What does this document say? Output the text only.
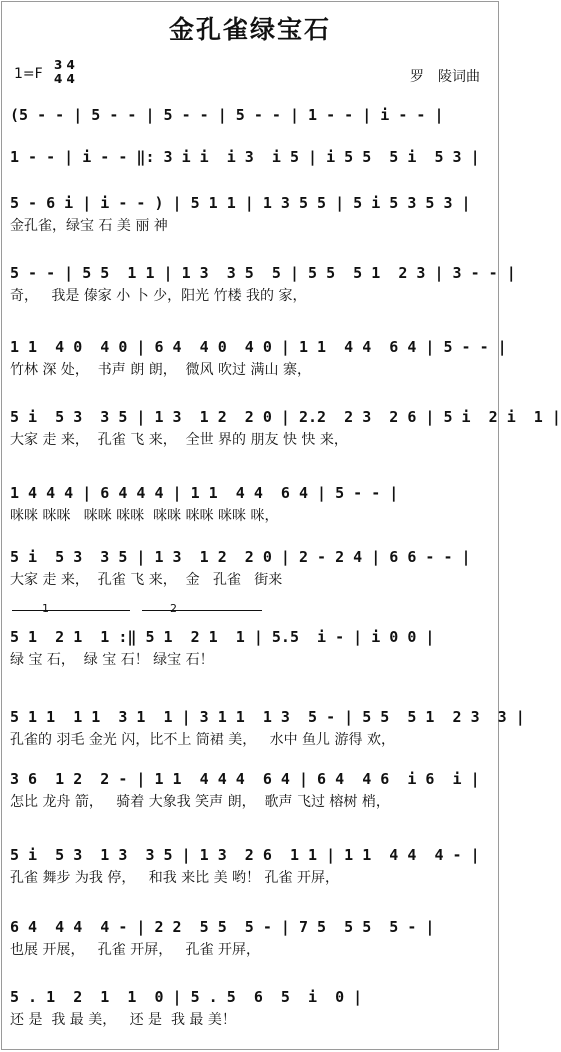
金孔雀绿宝石
1=F
3 4
4 4	罗　陵词曲
1	2
(5 - - | 5 - - | 5 - - | 5 - - | 1 - - | i - - |
1 - - | i - - ‖: 3 i i  i 3  i 5 | i 5 5  5 i  5 3 |
5 - 6 i | i - - ) | 5 1 1 | 1 3 5 5 | 5 i 5 3 5 3 |
金孔雀，绿宝 石 美 丽 神
5 - - | 5 5  1 1 | 1 3  3 5  5 | 5 5  5 1  2 3 | 3 - - |
奇，   我是 傣家 小 卜 少，阳光 竹楼 我的 家，
1 1  4 0  4 0 | 6 4  4 0  4 0 | 1 1  4 4  6 4 | 5 - - |
竹林 深 处，  书声 朗 朗，  微风 吹过 满山 寨，
5 i  5 3  3 5 | 1 3  1 2  2 0 | 2.2  2 3  2 6 | 5 i  2 i  1 |
大家 走 来，  孔雀 飞 来，  全世 界的 朋友 快 快 来，
1 4 4 4 | 6 4 4 4 | 1 1  4 4  6 4 | 5 - - |
咪咪 咪咪   咪咪 咪咪  咪咪 咪咪 咪咪 咪，
5 i  5 3  3 5 | 1 3  1 2  2 0 | 2 - 2 4 | 6 6 - - |
大家 走 来，  孔雀 飞 来，  金   孔雀   街来
5 1  2 1  1 :‖ 5 1  2 1  1 | 5.5  i - | i 0 0 |
绿 宝 石，  绿 宝 石！ 绿宝 石！
5 1 1  1 1  3 1  1 | 3 1 1  1 3  5 - | 5 5  5 1  2 3  3 |
孔雀的 羽毛 金光 闪，比不上 筒裙 美，   水中 鱼儿 游得 欢，
3 6  1 2  2 - | 1 1  4 4 4  6 4 | 6 4  4 6  i 6  i |
怎比 龙舟 箭，   骑着 大象我 笑声 朗，  歌声 飞过 榕树 梢，
5 i  5 3  1 3  3 5 | 1 3  2 6  1 1 | 1 1  4 4  4 - |
孔雀 舞步 为我 停，   和我 来比 美 哟！ 孔雀 开屏，
6 4  4 4  4 - | 2 2  5 5  5 - | 7 5  5 5  5 - |
也展 开展，   孔雀 开屏，   孔雀 开屏，
5 . 1  2  1  1  0 | 5 . 5  6  5  i  0 |
还 是  我 最 美，   还 是  我 最 美！
